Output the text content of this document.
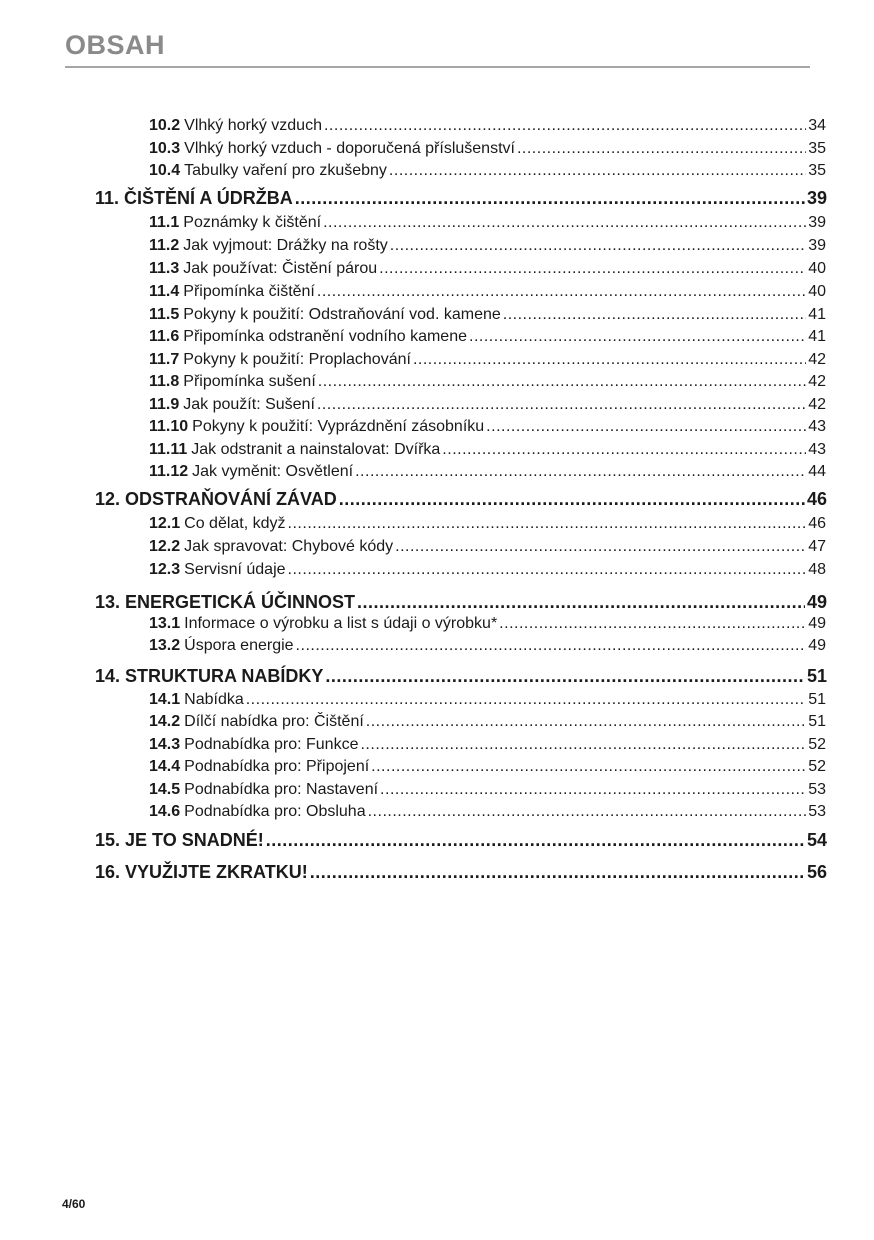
OBSAH
10.2 Vlhký horký vzduch .....	34
10.3 Vlhký horký vzduch - doporučená příslušenství .....	35
10.4 Tabulky vaření pro zkušebny .....	35
11. ČIŠTĚNÍ A ÚDRŽBA .....	39
11.1 Poznámky k čištění .....	39
11.2 Jak vyjmout: Drážky na rošty .....	39
11.3 Jak používat: Čistění párou .....	40
11.4 Připomínka čištění .....	40
11.5 Pokyny k použití: Odstraňování vod. kamene .....	41
11.6 Připomínka odstranění vodního kamene .....	41
11.7 Pokyny k použití: Proplachování .....	42
11.8 Připomínka sušení .....	42
11.9 Jak použít: Sušení .....	42
11.10 Pokyny k použití: Vyprázdnění zásobníku .....	43
11.11 Jak odstranit a nainstalovat: Dvířka .....	43
11.12 Jak vyměnit: Osvětlení .....	44
12. ODSTRAŇOVÁNÍ ZÁVAD .....	46
12.1 Co dělat, když .....	46
12.2 Jak spravovat: Chybové kódy .....	47
12.3 Servisní údaje .....	48
13. ENERGETICKÁ ÚČINNOST .....	49
13.1 Informace o výrobku a list s údaji o výrobku* .....	49
13.2 Úspora energie .....	49
14. STRUKTURA NABÍDKY .....	51
14.1 Nabídka .....	51
14.2 Dílčí nabídka pro: Čištění .....	51
14.3 Podnabídka pro: Funkce .....	52
14.4 Podnabídka pro: Připojení .....	52
14.5 Podnabídka pro: Nastavení .....	53
14.6 Podnabídka pro: Obsluha .....	53
15. JE TO SNADNÉ! .....	54
16. VYUŽIJTE ZKRATKU! .....	56
4/60
